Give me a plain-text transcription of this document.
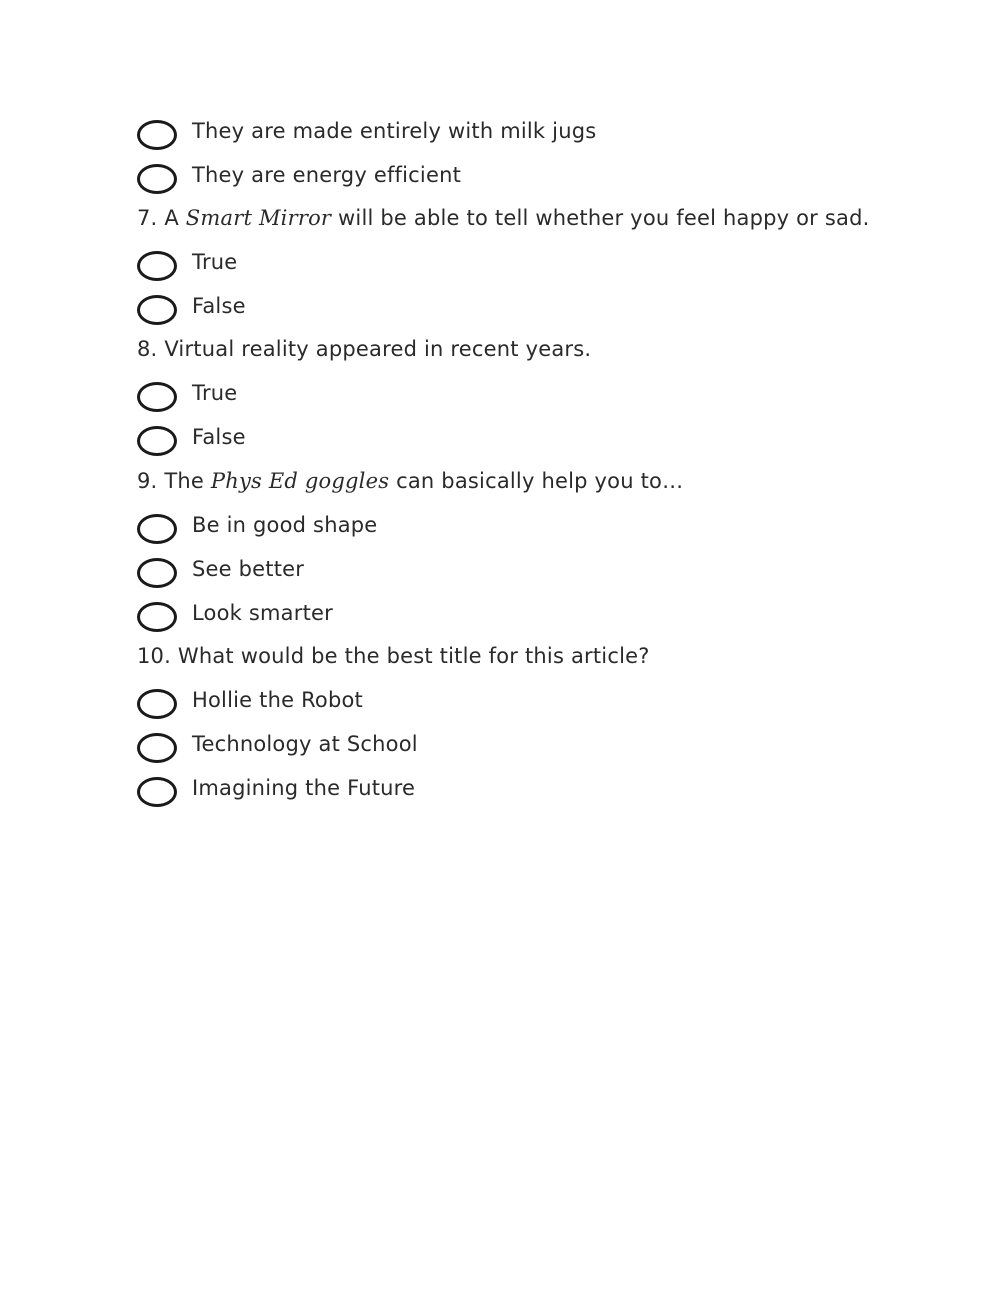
They are made entirely with milk jugs
They are energy efficient
7.
A
Smart Mirror
will be able to tell whether you feel happy or sad.
True
False
8.
Virtual reality appeared in recent years.
True
False
9.
The
Phys Ed goggles
can basically help you to…
Be in good shape
See better
Look smarter
10.
What would be the best title for this article?
Hollie the Robot
Technology at School
Imagining the Future
